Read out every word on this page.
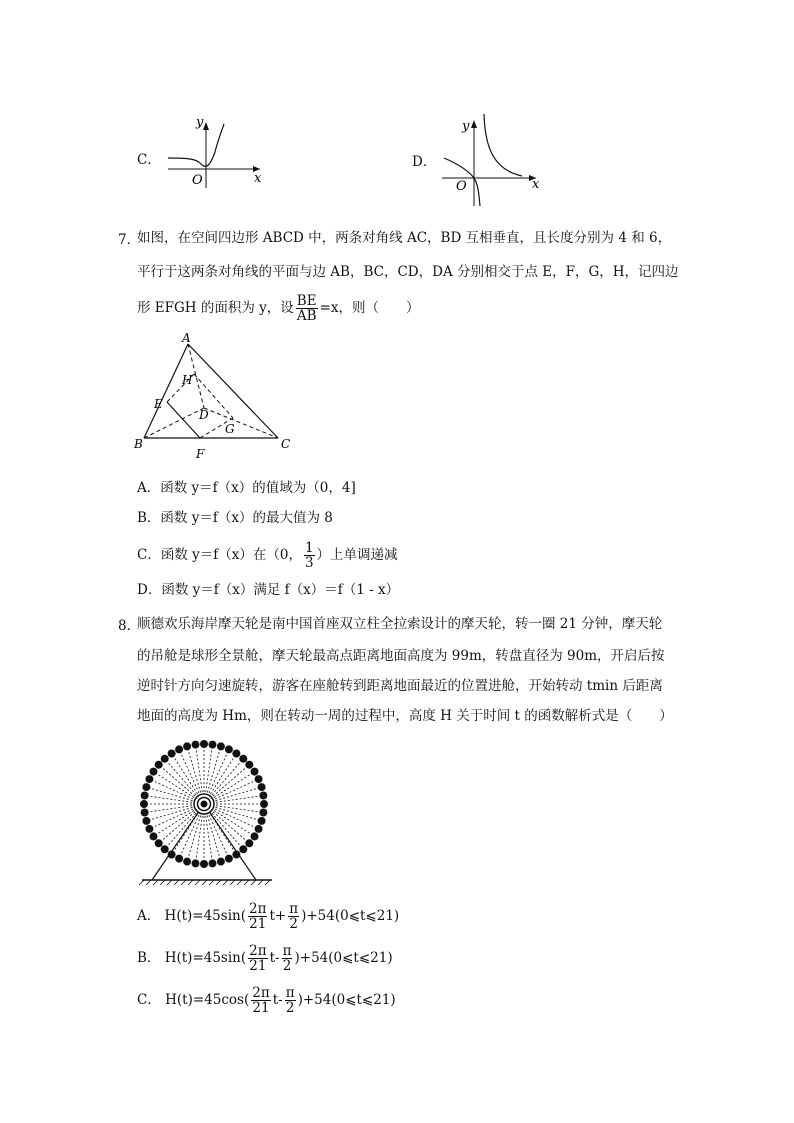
C．
y
x
O
D．
y
x
O
7．
如图，在空间四边形 ABCD 中，两条对角线 AC，BD 互相垂直，且长度分别为 4 和 6，
平行于这两条对角线的平面与边 AB，BC，CD，DA 分别相交于点 E，F，G，H，记四边
形 EFGH 的面积为 y，设 $\frac{BE}{AB} =x$，则（　　）
A
B	C
D
E
F
G
H
A．函数 y＝f（x）的值域为（0，4]
B．函数 y＝f（x）的最大值为 8
C．函数 y＝f（x）在（0， $\frac{1}{3}$ ）上单调递减
D．函数 y＝f（x）满足 f（x）＝f（1 - x）
8．
顺德欢乐海岸摩天轮是南中国首座双立柱全拉索设计的摩天轮，转一圈 21 分钟，摩天轮
的吊舱是球形全景舱，摩天轮最高点距离地面高度为 99m，转盘直径为 90m，开启后按
逆时针方向匀速旋转，游客在座舱转到距离地面最近的位置进舱，开始转动 tmin 后距离
地面的高度为 Hm，则在转动一周的过程中，高度 H 关于时间 t 的函数解析式是（　　）
A． $H(t)=45\sin( \frac{2\pi}{21} t+ \frac{\pi}{2}$ )+54(0⩽t⩽21)
B． $H(t)=45\sin( \frac{2\pi}{21} t- \frac{\pi}{2}$ )+54(0⩽t⩽21)
C． $H(t)=45\cos( \frac{2\pi}{21} t- \frac{\pi}{2}$ )+54(0⩽t⩽21)
